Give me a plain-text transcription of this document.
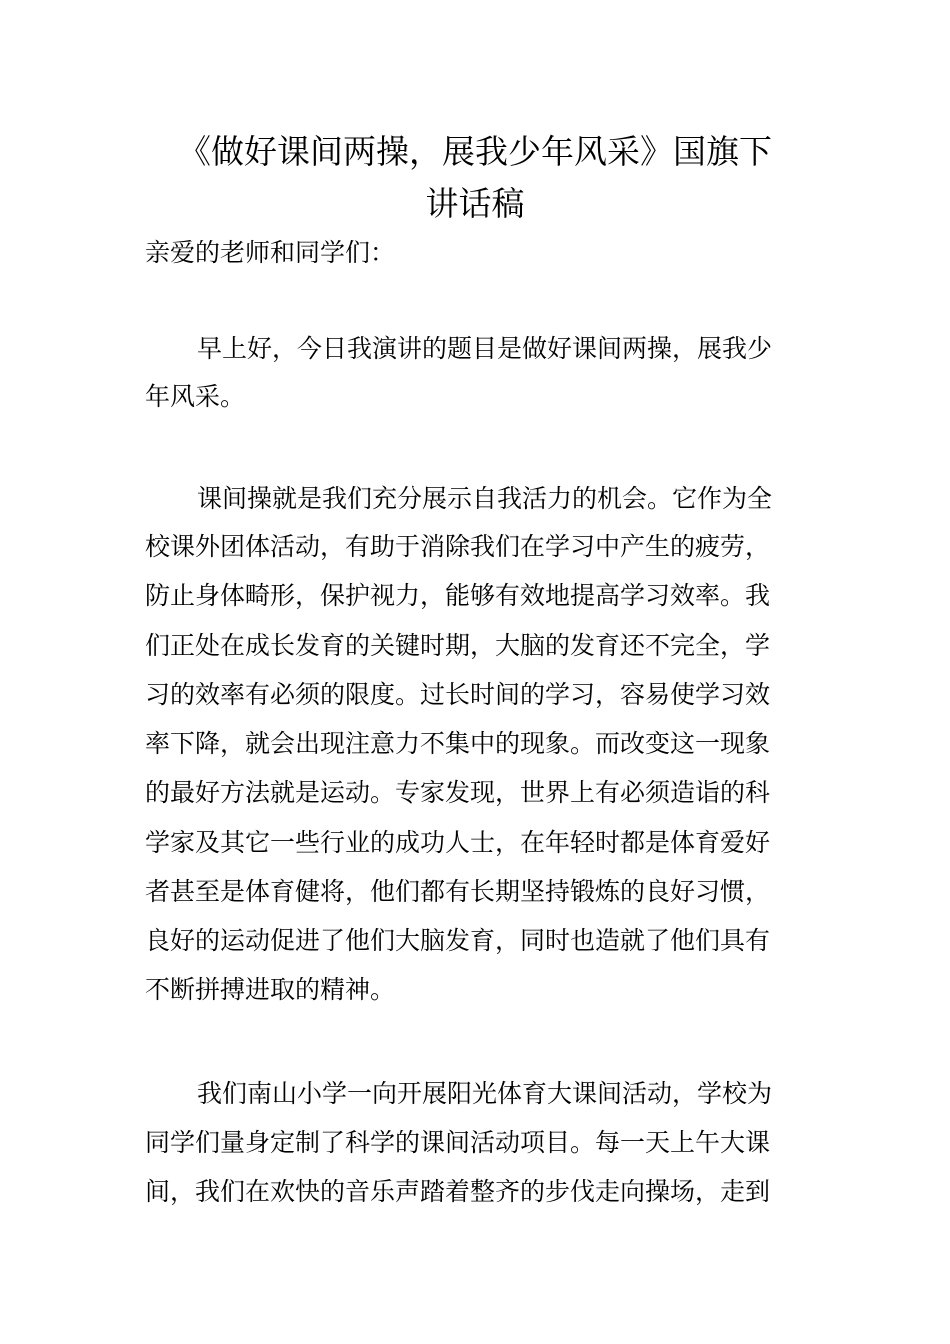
《做好课间两操，展我少年风采》国旗下
讲话稿

亲爱的老师和同学们：

早上好，今日我演讲的题目是做好课间两操，展我少

年风采。

课间操就是我们充分展示自我活力的机会。它作为全

校课外团体活动，有助于消除我们在学习中产生的疲劳，

防止身体畸形，保护视力，能够有效地提高学习效率。我

们正处在成长发育的关键时期，大脑的发育还不完全，学

习的效率有必须的限度。过长时间的学习，容易使学习效

率下降，就会出现注意力不集中的现象。而改变这一现象

的最好方法就是运动。专家发现，世界上有必须造诣的科

学家及其它一些行业的成功人士，在年轻时都是体育爱好

者甚至是体育健将，他们都有长期坚持锻炼的良好习惯，

良好的运动促进了他们大脑发育，同时也造就了他们具有

不断拼搏进取的精神。

我们南山小学一向开展阳光体育大课间活动，学校为

同学们量身定制了科学的课间活动项目。每一天上午大课

间，我们在欢快的音乐声踏着整齐的步伐走向操场，走到
